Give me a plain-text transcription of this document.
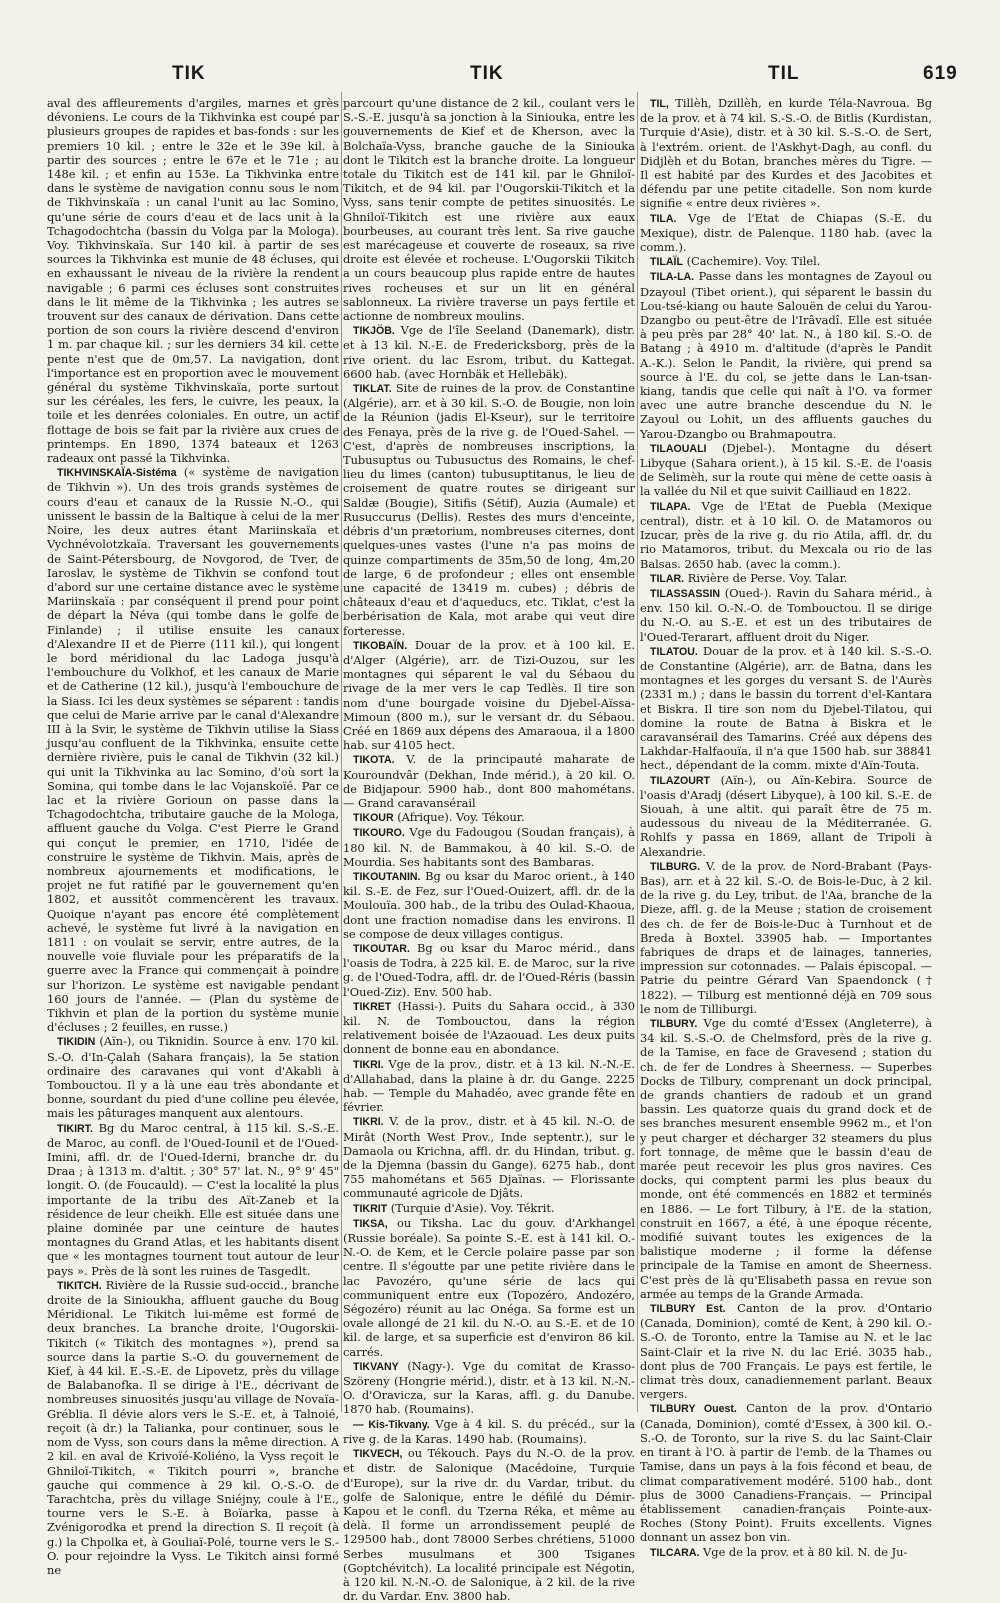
TIK	TIK	TIL	619

aval des affleurements d'argiles, marnes et grès dévoniens. Le cours de la Tikhvinka est coupé par plusieurs groupes de rapides et bas-fonds : sur les premiers 10 kil. ; entre le 32e et le 39e kil. à partir des sources ; entre le 67e et le 71e ; au 148e kil. ; et enfin au 153e. La Tikhvinka entre dans le système de navigation connu sous le nom de Tikhvinskaïa : un canal l'unit au lac Somino, qu'une série de cours d'eau et de lacs unit à la Tchagodochtcha (bassin du Volga par la Mologa). Voy. Tikhvinskaïa. Sur 140 kil. à partir de ses sources la Tikhvinka est munie de 48 écluses, qui en exhaussant le niveau de la rivière la rendent navigable ; 6 parmi ces écluses sont construites dans le lit même de la Tikhvinka ; les autres se trouvent sur des canaux de dérivation. Dans cette portion de son cours la rivière descend d'environ 1 m. par chaque kil. ; sur les derniers 34 kil. cette pente n'est que de 0m,57. La navigation, dont l'importance est en proportion avec le mouvement général du système Tikhvinskaïa, porte surtout sur les céréales, les fers, le cuivre, les peaux, la toile et les denrées coloniales. En outre, un actif flottage de bois se fait par la rivière aux crues de printemps. En 1890, 1374 bateaux et 1263 radeaux ont passé la Tikhvinka.

TIKHVINSKAÏA-Sistéma (« système de navigation de Tikhvin »). Un des trois grands systèmes de cours d'eau et canaux de la Russie N.-O., qui unissent le bassin de la Baltique à celui de la mer Noire, les deux autres étant Mariinskaïa et Vychnévolotzkaïa. Traversant les gouvernements de Saint-Pétersbourg, de Novgorod, de Tver, de Iaroslav, le système de Tikhvin se confond tout d'abord sur une certaine distance avec le système Mariinskaïa : par conséquent il prend pour point de départ la Néva (qui tombe dans le golfe de Finlande) ; il utilise ensuite les canaux d'Alexandre II et de Pierre (111 kil.), qui longent le bord méridional du lac Ladoga jusqu'à l'embouchure du Volkhof, et les canaux de Marie et de Catherine (12 kil.), jusqu'à l'embouchure de la Siass. Ici les deux systèmes se séparent : tandis que celui de Marie arrive par le canal d'Alexandre III à la Svir, le système de Tikhvin utilise la Siass jusqu'au confluent de la Tikhvinka, ensuite cette dernière rivière, puis le canal de Tikhvin (32 kil.) qui unit la Tikhvinka au lac Somino, d'où sort la Somina, qui tombe dans le lac Vojanskoïé. Par ce lac et la rivière Gorioun on passe dans la Tchagodochtcha, tributaire gauche de la Mologa, affluent gauche du Volga. C'est Pierre le Grand qui conçut le premier, en 1710, l'idée de construire le système de Tikhvin. Mais, après de nombreux ajournements et modifications, le projet ne fut ratifié par le gouvernement qu'en 1802, et aussitôt commencèrent les travaux. Quoique n'ayant pas encore été complètement achevé, le système fut livré à la navigation en 1811 : on voulait se servir, entre autres, de la nouvelle voie fluviale pour les préparatifs de la guerre avec la France qui commençait à poindre sur l'horizon. Le système est navigable pendant 160 jours de l'année. — (Plan du système de Tikhvin et plan de la portion du système munie d'écluses ; 2 feuilles, en russe.)

TIKIDIN (Aïn-), ou Tiknidin. Source à env. 170 kil. S.-O. d'In-Çalah (Sahara français), la 5e station ordinaire des caravanes qui vont d'Akabli à Tombouctou. Il y a là une eau très abondante et bonne, sourdant du pied d'une colline peu élevée, mais les pâturages manquent aux alentours.

TIKIRT. Bg du Maroc central, à 115 kil. S.-S.-E. de Maroc, au confl. de l'Oued-Iounil et de l'Oued-Imini, affl. dr. de l'Oued-Iderni, branche dr. du Draa ; à 1313 m. d'altit. ; 30° 57' lat. N., 9° 9' 45" longit. O. (de Foucauld). — C'est la localité la plus importante de la tribu des Aït-Zaneb et la résidence de leur cheikh. Elle est située dans une plaine dominée par une ceinture de hautes montagnes du Grand Atlas, et les habitants disent que « les montagnes tournent tout autour de leur pays ». Près de là sont les ruines de Tasgedlt.

TIKITCH. Rivière de la Russie sud-occid., branche droite de la Sinioukha, affluent gauche du Boug Méridional. Le Tikitch lui-même est formé de deux branches. La branche droite, l'Ougorskii-Tikitch (« Tikitch des montagnes »), prend sa source dans la partie S.-O. du gouvernement de Kief, à 44 kil. E.-S.-E. de Lipovetz, près du village de Balabanofka. Il se dirige à l'E., décrivant de nombreuses sinuosités jusqu'au village de Novaïa-Gréblia. Il dévie alors vers le S.-E. et, à Talnoié, reçoit (à dr.) la Talianka, pour continuer, sous le nom de Vyss, son cours dans la même direction. A 2 kil. en aval de Krivoïé-Koliéno, la Vyss reçoit le Ghniloï-Tikitch, « Tikitch pourri », branche gauche qui commence à 29 kil. O.-S.-O. de Tarachtcha, près du village Sniéjny, coule à l'E., tourne vers le S.-E. à Boïarka, passe à Zvénigorodka et prend la direction S. Il reçoit (à g.) la Chpolka et, à Gouliaï-Polé, tourne vers le S.-O. pour rejoindre la Vyss. Le Tikitch ainsi formé ne

parcourt qu'une distance de 2 kil., coulant vers le S.-S.-E. jusqu'à sa jonction à la Siniouka, entre les gouvernements de Kief et de Kherson, avec la Bolchaïa-Vyss, branche gauche de la Siniouka dont le Tikitch est la branche droite. La longueur totale du Tikitch est de 141 kil. par le Ghniloï-Tikitch, et de 94 kil. par l'Ougorskii-Tikitch et la Vyss, sans tenir compte de petites sinuosités. Le Ghniloï-Tikitch est une rivière aux eaux bourbeuses, au courant très lent. Sa rive gauche est marécageuse et couverte de roseaux, sa rive droite est élevée et rocheuse. L'Ougorskii Tikitch a un cours beaucoup plus rapide entre de hautes rives rocheuses et sur un lit en général sablonneux. La rivière traverse un pays fertile et actionne de nombreux moulins.

TIKJÖB. Vge de l'île Seeland (Danemark), distr. et à 13 kil. N.-E. de Fredericksborg, près de la rive orient. du lac Esrom, tribut. du Kattegat. 6600 hab. (avec Hornbäk et Hellebäk).

TIKLAT. Site de ruines de la prov. de Constantine (Algérie), arr. et à 30 kil. S.-O. de Bougie, non loin de la Réunion (jadis El-Kseur), sur le territoire des Fenaya, près de la rive g. de l'Oued-Sahel. — C'est, d'après de nombreuses inscriptions, la Tubusuptus ou Tubusuctus des Romains, le chef-lieu du limes (canton) tubusuptitanus, le lieu de croisement de quatre routes se dirigeant sur Saldæ (Bougie), Sitifis (Sétif), Auzia (Aumale) et Rusuccurus (Dellis). Restes des murs d'enceinte, débris d'un prætorium, nombreuses citernes, dont quelques-unes vastes (l'une n'a pas moins de quinze compartiments de 35m,50 de long, 4m,20 de large, 6 de profondeur ; elles ont ensemble une capacité de 13419 m. cubes) ; débris de châteaux d'eau et d'aqueducs, etc. Tiklat, c'est la berbérisation de Kala, mot arabe qui veut dire forteresse.

TIKOBAÏN. Douar de la prov. et à 100 kil. E. d'Alger (Algérie), arr. de Tizi-Ouzou, sur les montagnes qui séparent le val du Sébaou du rivage de la mer vers le cap Tedlès. Il tire son nom d'une bourgade voisine du Djebel-Aïssa-Mimoun (800 m.), sur le versant dr. du Sébaou. Créé en 1869 aux dépens des Amaraoua, il a 1800 hab. sur 4105 hect.

TIKOTA. V. de la principauté maharate de Kouroundvâr (Dekhan, Inde mérid.), à 20 kil. O. de Bidjapour. 5900 hab., dont 800 mahométans. — Grand caravansérail

TIKOUR (Afrique). Voy. Tékour.

TIKOURO. Vge du Fadougou (Soudan français), à 180 kil. N. de Bammakou, à 40 kil. S.-O. de Mourdia. Ses habitants sont des Bambaras.

TIKOUTANIN. Bg ou ksar du Maroc orient., à 140 kil. S.-E. de Fez, sur l'Oued-Ouizert, affl. dr. de la Moulouïa. 300 hab., de la tribu des Oulad-Khaoua, dont une fraction nomadise dans les environs. Il se compose de deux villages contigus.

TIKOUTAR. Bg ou ksar du Maroc mérid., dans l'oasis de Todra, à 225 kil. E. de Maroc, sur la rive g. de l'Oued-Todra, affl. dr. de l'Oued-Réris (bassin l'Oued-Ziz). Env. 500 hab.

TIKRET (Hassi-). Puits du Sahara occid., à 330 kil. N. de Tombouctou, dans la région relativement boisée de l'Azaouad. Les deux puits donnent de bonne eau en abondance.

TIKRI. Vge de la prov., distr. et à 13 kil. N.-N.-E. d'Allahabad, dans la plaine à dr. du Gange. 2225 hab. — Temple du Mahadéo, avec grande fête en février.

TIKRI. V. de la prov., distr. et à 45 kil. N.-O. de Mirât (North West Prov., Inde septentr.), sur le Damaola ou Krichna, affl. dr. du Hindan, tribut. g. de la Djemna (bassin du Gange). 6275 hab., dont 755 mahométans et 565 Djaïnas. — Florissante communauté agricole de Djâts.

TIKRIT (Turquie d'Asie). Voy. Tékrit.

TIKSA, ou Tiksha. Lac du gouv. d'Arkhangel (Russie boréale). Sa pointe S.-E. est à 141 kil. O.-N.-O. de Kem, et le Cercle polaire passe par son centre. Il s'égoutte par une petite rivière dans le lac Pavozéro, qu'une série de lacs qui communiquent entre eux (Topozéro, Andozéro, Ségozéro) réunit au lac Onéga. Sa forme est un ovale allongé de 21 kil. du N.-O. au S.-E. et de 10 kil. de large, et sa superficie est d'environ 86 kil. carrés.

TIKVANY (Nagy-). Vge du comitat de Krasso-Szöreny (Hongrie mérid.), distr. et à 13 kil. N.-N.-O. d'Oravicza, sur la Karas, affl. g. du Danube. 1870 hab. (Roumains).

— Kis-Tikvany. Vge à 4 kil. S. du précéd., sur la rive g. de la Karas. 1490 hab. (Roumains).

TIKVECH, ou Tékouch. Pays du N.-O. de la prov. et distr. de Salonique (Macédoine, Turquie d'Europe), sur la rive dr. du Vardar, tribut. du golfe de Salonique, entre le défilé du Démir-Kapou et le confl. du Tzerna Réka, et même au delà. Il forme un arrondissement peuplé de 129500 hab., dont 78000 Serbes chrétiens, 51000 Serbes musulmans et 300 Tsiganes (Goptchévitch). La localité principale est Négotin, à 120 kil. N.-N.-O. de Salonique, à 2 kil. de la rive dr. du Vardar. Env. 3800 hab.

TIL, Tillèh, Dzillèh, en kurde Téla-Navroua. Bg de la prov. et à 74 kil. S.-S.-O. de Bitlis (Kurdistan, Turquie d'Asie), distr. et à 30 kil. S.-S.-O. de Sert, à l'extrém. orient. de l'Askhyt-Dagh, au confl. du Didjlèh et du Botan, branches mères du Tigre. — Il est habité par des Kurdes et des Jacobites et défendu par une petite citadelle. Son nom kurde signifie « entre deux rivières ».

TILA. Vge de l'Etat de Chiapas (S.-E. du Mexique), distr. de Palenque. 1180 hab. (avec la comm.).

TILAÏL (Cachemire). Voy. Tilel.

TILA-LA. Passe dans les montagnes de Zayoul ou Dzayoul (Tibet orient.), qui séparent le bassin du Lou-tsé-kiang ou haute Salouën de celui du Yarou-Dzangbo ou peut-être de l'Irâvadî. Elle est située à peu près par 28° 40' lat. N., à 180 kil. S.-O. de Batang ; à 4910 m. d'altitude (d'après le Pandit A.-K.). Selon le Pandit, la rivière, qui prend sa source à l'E. du col, se jette dans le Lan-tsan-kiang, tandis que celle qui naît à l'O. va former avec une autre branche descendue du N. le Zayoul ou Lohit, un des affluents gauches du Yarou-Dzangbo ou Brahmapoutra.

TILAOUALI (Djebel-). Montagne du désert Libyque (Sahara orient.), à 15 kil. S.-E. de l'oasis de Selimèh, sur la route qui mène de cette oasis à la vallée du Nil et que suivit Cailliaud en 1822.

TILAPA. Vge de l'Etat de Puebla (Mexique central), distr. et à 10 kil. O. de Matamoros ou Izucar, près de la rive g. du rio Atila, affl. dr. du rio Matamoros, tribut. du Mexcala ou rio de las Balsas. 2650 hab. (avec la comm.).

TILAR. Rivière de Perse. Voy. Talar.

TILASSASSIN (Oued-). Ravin du Sahara mérid., à env. 150 kil. O.-N.-O. de Tombouctou. Il se dirige du N.-O. au S.-E. et est un des tributaires de l'Oued-Terarart, affluent droit du Niger.

TILATOU. Douar de la prov. et à 140 kil. S.-S.-O. de Constantine (Algérie), arr. de Batna, dans les montagnes et les gorges du versant S. de l'Aurès (2331 m.) ; dans le bassin du torrent d'el-Kantara et Biskra. Il tire son nom du Djebel-Tilatou, qui domine la route de Batna à Biskra et le caravansérail des Tamarins. Créé aux dépens des Lakhdar-Halfaouïa, il n'a que 1500 hab. sur 38841 hect., dépendant de la comm. mixte d'Aïn-Touta.

TILAZOURT (Aïn-), ou Aïn-Kebira. Source de l'oasis d'Aradj (désert Libyque), à 100 kil. S.-E. de Siouah, à une altit. qui paraît être de 75 m. audessous du niveau de la Méditerranée. G. Rohlfs y passa en 1869, allant de Tripoli à Alexandrie.

TILBURG. V. de la prov. de Nord-Brabant (Pays-Bas), arr. et à 22 kil. S.-O. de Bois-le-Duc, à 2 kil. de la rive g. du Ley, tribut. de l'Aa, branche de la Dieze, affl. g. de la Meuse ; station de croisement des ch. de fer de Bois-le-Duc à Turnhout et de Breda à Boxtel. 33905 hab. — Importantes fabriques de draps et de lainages, tanneries, impression sur cotonnades. — Palais épiscopal. — Patrie du peintre Gérard Van Spaendonck († 1822). — Tilburg est mentionné déjà en 709 sous le nom de Tilliburgi.

TILBURY. Vge du comté d'Essex (Angleterre), à 34 kil. S.-S.-O. de Chelmsford, près de la rive g. de la Tamise, en face de Gravesend ; station du ch. de fer de Londres à Sheerness. — Superbes Docks de Tilbury, comprenant un dock principal, de grands chantiers de radoub et un grand bassin. Les quatorze quais du grand dock et de ses branches mesurent ensemble 9962 m., et l'on y peut charger et décharger 32 steamers du plus fort tonnage, de même que le bassin d'eau de marée peut recevoir les plus gros navires. Ces docks, qui comptent parmi les plus beaux du monde, ont été commencés en 1882 et terminés en 1886. — Le fort Tilbury, à l'E. de la station, construit en 1667, a été, à une époque récente, modifié suivant toutes les exigences de la balistique moderne ; il forme la défense principale de la Tamise en amont de Sheerness. C'est près de là qu'Elisabeth passa en revue son armée au temps de la Grande Armada.

TILBURY Est. Canton de la prov. d'Ontario (Canada, Dominion), comté de Kent, à 290 kil. O.-S.-O. de Toronto, entre la Tamise au N. et le lac Saint-Clair et la rive N. du lac Erié. 3035 hab., dont plus de 700 Français. Le pays est fertile, le climat très doux, canadiennement parlant. Beaux vergers.

TILBURY Ouest. Canton de la prov. d'Ontario (Canada, Dominion), comté d'Essex, à 300 kil. O.-S.-O. de Toronto, sur la rive S. du lac Saint-Clair en tirant à l'O. à partir de l'emb. de la Thames ou Tamise, dans un pays à la fois fécond et beau, de climat comparativement modéré. 5100 hab., dont plus de 3000 Canadiens-Français. — Principal établissement canadien-français Pointe-aux-Roches (Stony Point). Fruits excellents. Vignes donnant un assez bon vin.

TILCARA. Vge de la prov. et à 80 kil. N. de Ju-
